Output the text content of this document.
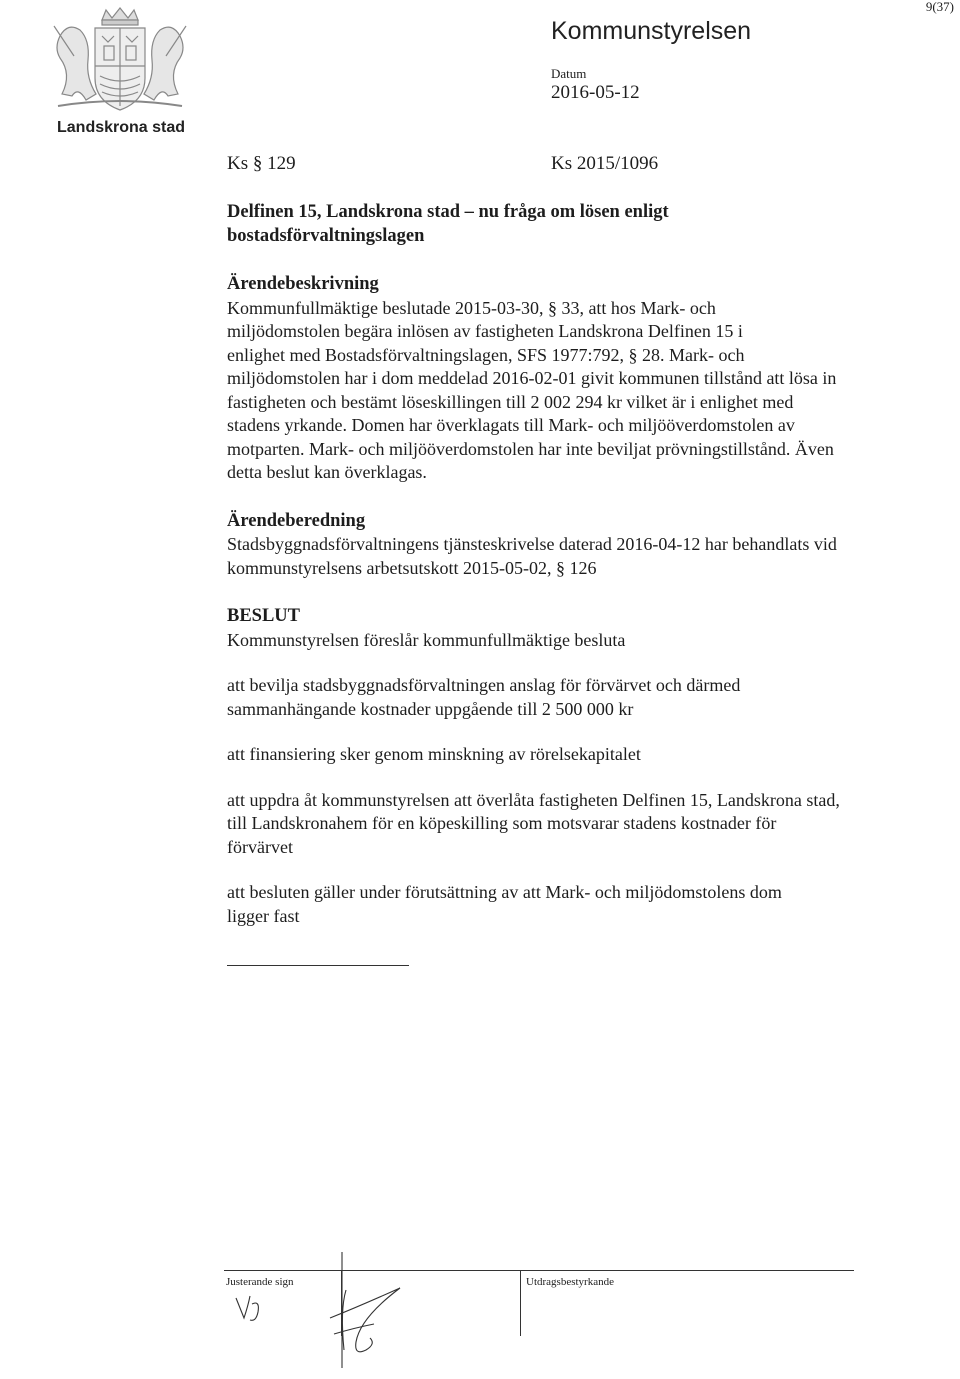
Landskrona stad
Kommunstyrelsen
Datum
2016-05-12
9(37)
Ks § 129	Ks 2015/1096

Delfinen 15, Landskrona stad – nu fråga om lösen enligt
bostadsförvaltningslagen

Ärendebeskrivning

Kommunfullmäktige beslutade 2015-03-30, § 33, att hos Mark- och
miljödomstolen begära inlösen av fastigheten Landskrona Delfinen 15 i
enlighet med Bostadsförvaltningslagen, SFS 1977:792, § 28. Mark- och
miljödomstolen har i dom meddelad 2016-02-01 givit kommunen tillstånd att lösa in
fastigheten och bestämt löseskillingen till 2 002 294 kr vilket är i enlighet med
stadens yrkande. Domen har överklagats till Mark- och miljööverdomstolen av
motparten. Mark- och miljööverdomstolen har inte beviljat prövningstillstånd. Även
detta beslut kan överklagas.

Ärendeberedning

Stadsbyggnadsförvaltningens tjänsteskrivelse daterad 2016-04-12 har behandlats vid
kommunstyrelsens arbetsutskott 2015-05-02, § 126

BESLUT

Kommunstyrelsen föreslår kommunfullmäktige besluta

att bevilja stadsbyggnadsförvaltningen anslag för förvärvet och därmed
sammanhängande kostnader uppgående till 2 500 000 kr

att finansiering sker genom minskning av rörelsekapitalet

att uppdra åt kommunstyrelsen att överlåta fastigheten Delfinen 15, Landskrona stad,
till Landskronahem för en köpeskilling som motsvarar stadens kostnader för
förvärvet

att besluten gäller under förutsättning av att Mark- och miljödomstolens dom
ligger fast

Justerande sign	Utdragsbestyrkande
